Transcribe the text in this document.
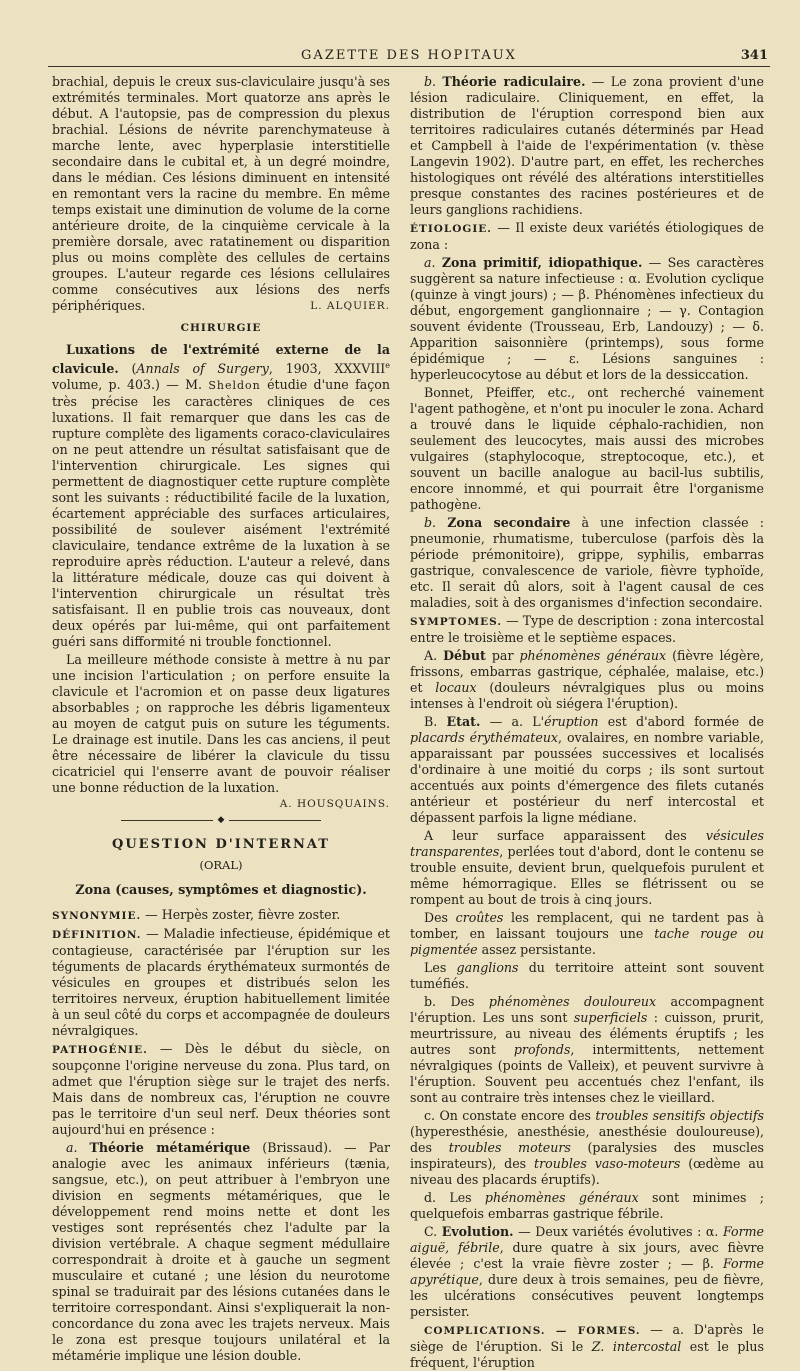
GAZETTE DES HOPITAUX	341

brachial, depuis le creux sus-claviculaire jusqu'à ses extrémités terminales. Mort quatorze ans après le début. A l'autopsie, pas de compression du plexus brachial. Lésions de névrite parenchymateuse à marche lente, avec hyperplasie interstitielle secondaire dans le cubital et, à un degré moindre, dans le médian. Ces lésions diminuent en intensité en remontant vers la racine du membre. En même temps existait une diminution de volume de la corne antérieure droite, de la cinquième cervicale à la première dorsale, avec ratatinement ou disparition plus ou moins complète des cellules de certains groupes. L'auteur regarde ces lésions cellulaires comme consécutives aux lésions des nerfs périphériques.	L. ALQUIER.

CHIRURGIE

Luxations de l'extrémité externe de la clavicule. (Annals of Surgery, 1903, XXXVIIIe volume, p. 403.) — M. Sheldon étudie d'une façon très précise les caractères cliniques de ces luxations. Il fait remarquer que dans les cas de rupture complète des ligaments coraco-claviculaires on ne peut attendre un résultat satisfaisant que de l'intervention chirurgicale. Les signes qui permettent de diagnostiquer cette rupture complète sont les suivants : réductibilité facile de la luxation, écartement appréciable des surfaces articulaires, possibilité de soulever aisément l'extrémité claviculaire, tendance extrême de la luxation à se reproduire après réduction. L'auteur a relevé, dans la littérature médicale, douze cas qui doivent à l'intervention chirurgicale un résultat très satisfaisant. Il en publie trois cas nouveaux, dont deux opérés par lui-même, qui ont parfaitement guéri sans difformité ni trouble fonctionnel.

La meilleure méthode consiste à mettre à nu par une incision l'articulation ; on perfore ensuite la clavicule et l'acromion et on passe deux ligatures absorbables ; on rapproche les débris ligamenteux au moyen de catgut puis on suture les téguments. Le drainage est inutile. Dans les cas anciens, il peut être nécessaire de libérer la clavicule du tissu cicatriciel qui l'enserre avant de pouvoir réaliser une bonne réduction de la luxation.
A. HOUSQUAINS.

◆
QUESTION D'INTERNAT
(ORAL)
Zona (causes, symptômes et diagnostic).

SYNONYMIE. — Herpès zoster, fièvre zoster.

DÉFINITION. — Maladie infectieuse, épidémique et contagieuse, caractérisée par l'éruption sur les téguments de placards érythémateux surmontés de vésicules en groupes et distribués selon les territoires nerveux, éruption habituellement limitée à un seul côté du corps et accompagnée de douleurs névralgiques.

PATHOGÉNIE. — Dès le début du siècle, on soupçonne l'origine nerveuse du zona. Plus tard, on admet que l'éruption siège sur le trajet des nerfs. Mais dans de nombreux cas, l'éruption ne couvre pas le territoire d'un seul nerf. Deux théories sont aujourd'hui en présence :

a. Théorie métamérique (Brissaud). — Par analogie avec les animaux inférieurs (tænia, sangsue, etc.), on peut attribuer à l'embryon une division en segments métamériques, que le développement rend moins nette et dont les vestiges sont représentés chez l'adulte par la division vertébrale. A chaque segment médullaire correspondrait à droite et à gauche un segment musculaire et cutané ; une lésion du neurotome spinal se traduirait par des lésions cutanées dans le territoire correspondant. Ainsi s'expliquerait la non-concordance du zona avec les trajets nerveux. Mais le zona est presque toujours unilatéral et la métamérie implique une lésion double.

b. Théorie radiculaire. — Le zona provient d'une lésion radiculaire. Cliniquement, en effet, la distribution de l'éruption correspond bien aux territoires radiculaires cutanés déterminés par Head et Campbell à l'aide de l'expérimentation (v. thèse Langevin 1902). D'autre part, en effet, les recherches histologiques ont révélé des altérations interstitielles presque constantes des racines postérieures et de leurs ganglions rachidiens.

ÉTIOLOGIE. — Il existe deux variétés étiologiques de zona :

a. Zona primitif, idiopathique. — Ses caractères suggèrent sa nature infectieuse : α. Evolution cyclique (quinze à vingt jours) ; — β. Phénomènes infectieux du début, engorgement ganglionnaire ; — γ. Contagion souvent évidente (Trousseau, Erb, Landouzy) ; — δ. Apparition saisonnière (printemps), sous forme épidémique ; — ε. Lésions sanguines : hyperleucocytose au début et lors de la dessiccation.

Bonnet, Pfeiffer, etc., ont recherché vainement l'agent pathogène, et n'ont pu inoculer le zona. Achard a trouvé dans le liquide céphalo-rachidien, non seulement des leucocytes, mais aussi des microbes vulgaires (staphylocoque, streptocoque, etc.), et souvent un bacille analogue au bacil-lus subtilis, encore innommé, et qui pourrait être l'organisme pathogène.

b. Zona secondaire à une infection classée : pneumonie, rhumatisme, tuberculose (parfois dès la période prémonitoire), grippe, syphilis, embarras gastrique, convalescence de variole, fièvre typhoïde, etc. Il serait dû alors, soit à l'agent causal de ces maladies, soit à des organismes d'infection secondaire.

SYMPTOMES. — Type de description : zona intercostal entre le troisième et le septième espaces.

A. Début par phénomènes généraux (fièvre légère, frissons, embarras gastrique, céphalée, malaise, etc.) et locaux (douleurs névralgiques plus ou moins intenses à l'endroit où siégera l'éruption).

B. Etat. — a. L'éruption est d'abord formée de placards érythémateux, ovalaires, en nombre variable, apparaissant par poussées successives et localisés d'ordinaire à une moitié du corps ; ils sont surtout accentués aux points d'émergence des filets cutanés antérieur et postérieur du nerf intercostal et dépassent parfois la ligne médiane.

A leur surface apparaissent des vésicules transparentes, perlées tout d'abord, dont le contenu se trouble ensuite, devient brun, quelquefois purulent et même hémorragique. Elles se flétrissent ou se rompent au bout de trois à cinq jours.

Des croûtes les remplacent, qui ne tardent pas à tomber, en laissant toujours une tache rouge ou pigmentée assez persistante.

Les ganglions du territoire atteint sont souvent tuméfiés.

b. Des phénomènes douloureux accompagnent l'éruption. Les uns sont superficiels : cuisson, prurit, meurtrissure, au niveau des éléments éruptifs ; les autres sont profonds, intermittents, nettement névralgiques (points de Valleix), et peuvent survivre à l'éruption. Souvent peu accentués chez l'enfant, ils sont au contraire très intenses chez le vieillard.

c. On constate encore des troubles sensitifs objectifs (hyperesthésie, anesthésie, anesthésie douloureuse), des troubles moteurs (paralysies des muscles inspirateurs), des troubles vaso-moteurs (œdème au niveau des placards éruptifs).

d. Les phénomènes généraux sont minimes ; quelquefois embarras gastrique fébrile.

C. Evolution. — Deux variétés évolutives : α. Forme aiguë, fébrile, dure quatre à six jours, avec fièvre élevée ; c'est la vraie fièvre zoster ; — β. Forme apyrétique, dure deux à trois semaines, peu de fièvre, les ulcérations consécutives peuvent longtemps persister.

COMPLICATIONS. — FORMES. — a. D'après le siège de l'éruption. Si le Z. intercostal est le plus fréquent, l'éruption
